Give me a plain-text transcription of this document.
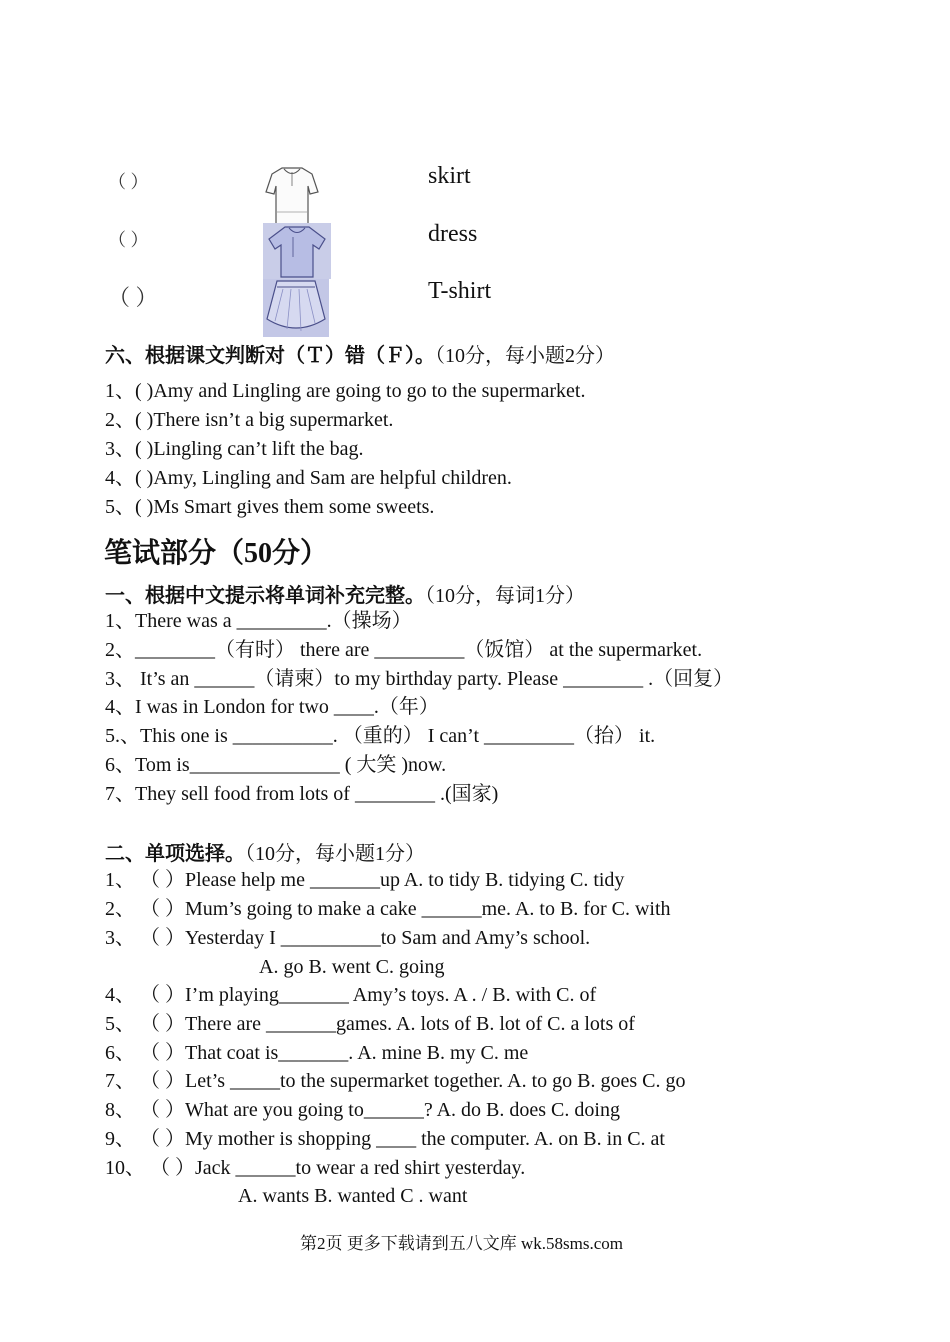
（ ）
（ ）
（ ）
skirt
dress
T-shirt
六、根据课文判断对（Ｔ）错（Ｆ）。（10分，每小题2分）
1、( )Amy and Lingling are going to go to the supermarket.
2、( )There isn’t a big supermarket.
3、( )Lingling can’t lift the bag.
4、( )Amy, Lingling and Sam are helpful children.
5、( )Ms Smart gives them some sweets.
笔试部分（50分）
一、根据中文提示将单词补充完整。（10分，每词1分）
1、There was a _________.（操场）
2、________（有时） there are _________（饭馆） at the supermarket.
3、 It’s an ______（请柬）to my birthday party. Please ________ .（回复）
4、I was in London for two ____.（年）
5.、This one is __________. （重的） I can’t _________（抬） it.
6、Tom is_______________ ( 大笑 )now.
7、They sell food from lots of ________ .(国家)
二、单项选择。（10分，每小题1分）
1、 （ ）Please help me _______up A. to tidy B. tidying C. tidy
2、 （ ）Mum’s going to make a cake ______me. A. to B. for C. with
3、 （ ）Yesterday I __________to Sam and Amy’s school.
A. go B. went C. going
4、 （ ）I’m playing_______ Amy’s toys. A . / B. with C. of
5、 （ ）There are _______games. A. lots of B. lot of C. a lots of
6、 （ ）That coat is_______. A. mine B. my C. me
7、 （ ）Let’s _____to the supermarket together. A. to go B. goes C. go
8、 （ ）What are you going to______? A. do B. does C. doing
9、 （ ）My mother is shopping ____ the computer. A. on B. in C. at
10、 （ ）Jack ______to wear a red shirt yesterday.
A. wants B. wanted C . want
第2页 更多下载请到五八文库 wk.58sms.com
